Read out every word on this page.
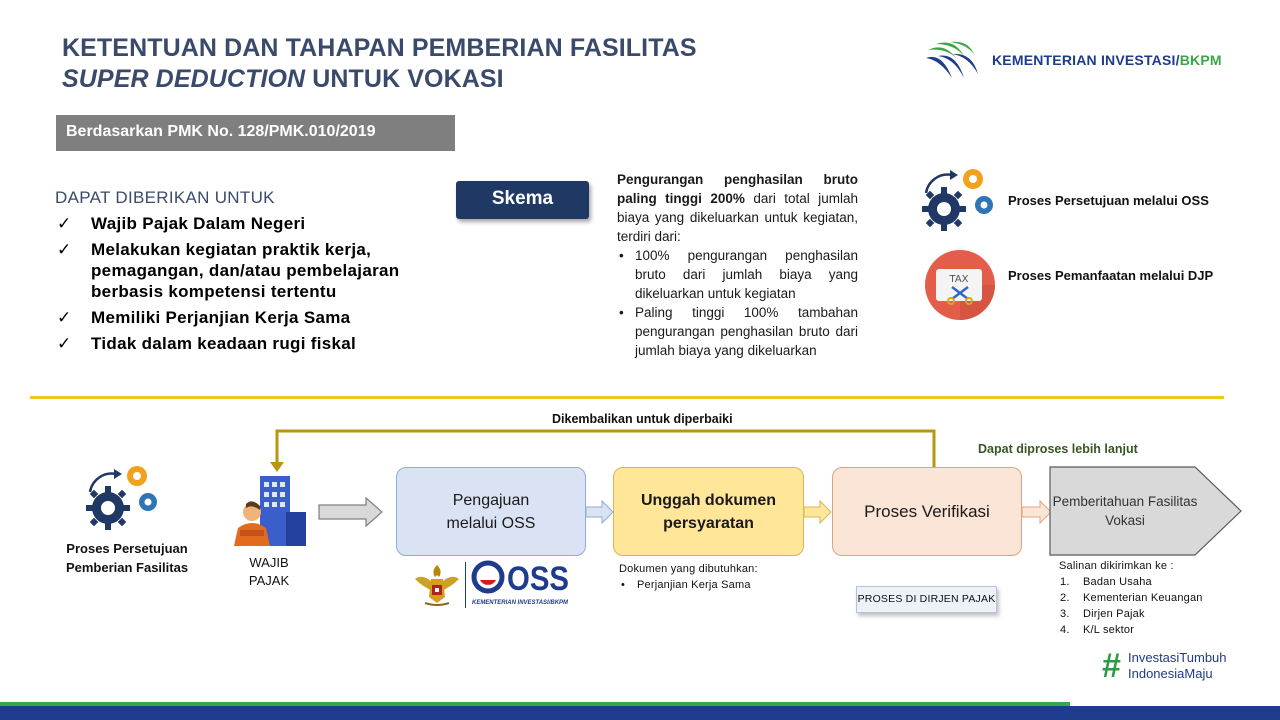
KETENTUAN DAN TAHAPAN PEMBERIAN FASILITAS
SUPER DEDUCTION UNTUK VOKASI
KEMENTERIAN INVESTASI/BKPM
Berdasarkan PMK No. 128/PMK.010/2019
DAPAT DIBERIKAN UNTUK
✓ Wajib Pajak Dalam Negeri
✓ Melakukan kegiatan praktik kerja, pemagangan, dan/atau pembelajaran berbasis kompetensi tertentu
✓ Memiliki Perjanjian Kerja Sama
✓ Tidak dalam keadaan rugi fiskal
Skema
Pengurangan penghasilan bruto paling tinggi 200% dari total jumlah biaya yang dikeluarkan untuk kegiatan, terdiri dari:
• 100% pengurangan penghasilan bruto dari jumlah biaya yang dikeluarkan untuk kegiatan
• Paling tinggi 100% tambahan pengurangan penghasilan bruto dari jumlah biaya yang dikeluarkan
Proses Persetujuan melalui OSS
TAX	Proses Pemanfaatan melalui DJP
Dikembalikan untuk diperbaiki
Dapat diproses lebih lanjut
Proses Persetujuan Pemberian Fasilitas	WAJIB PAJAK
Pengajuan melalui OSS
Unggah dokumen persyaratan
Proses Verifikasi
Pemberitahuan Fasilitas Vokasi
OSS
KEMENTERIAN INVESTASI/BKPM
Dokumen yang dibutuhkan:
• Perjanjian Kerja Sama
PROSES DI DIRJEN PAJAK
Salinan dikirimkan ke :
1. Badan Usaha
2. Kementerian Keuangan
3. Dirjen Pajak
4. K/L sektor
# InvestasiTumbuh
IndonesiaMaju
